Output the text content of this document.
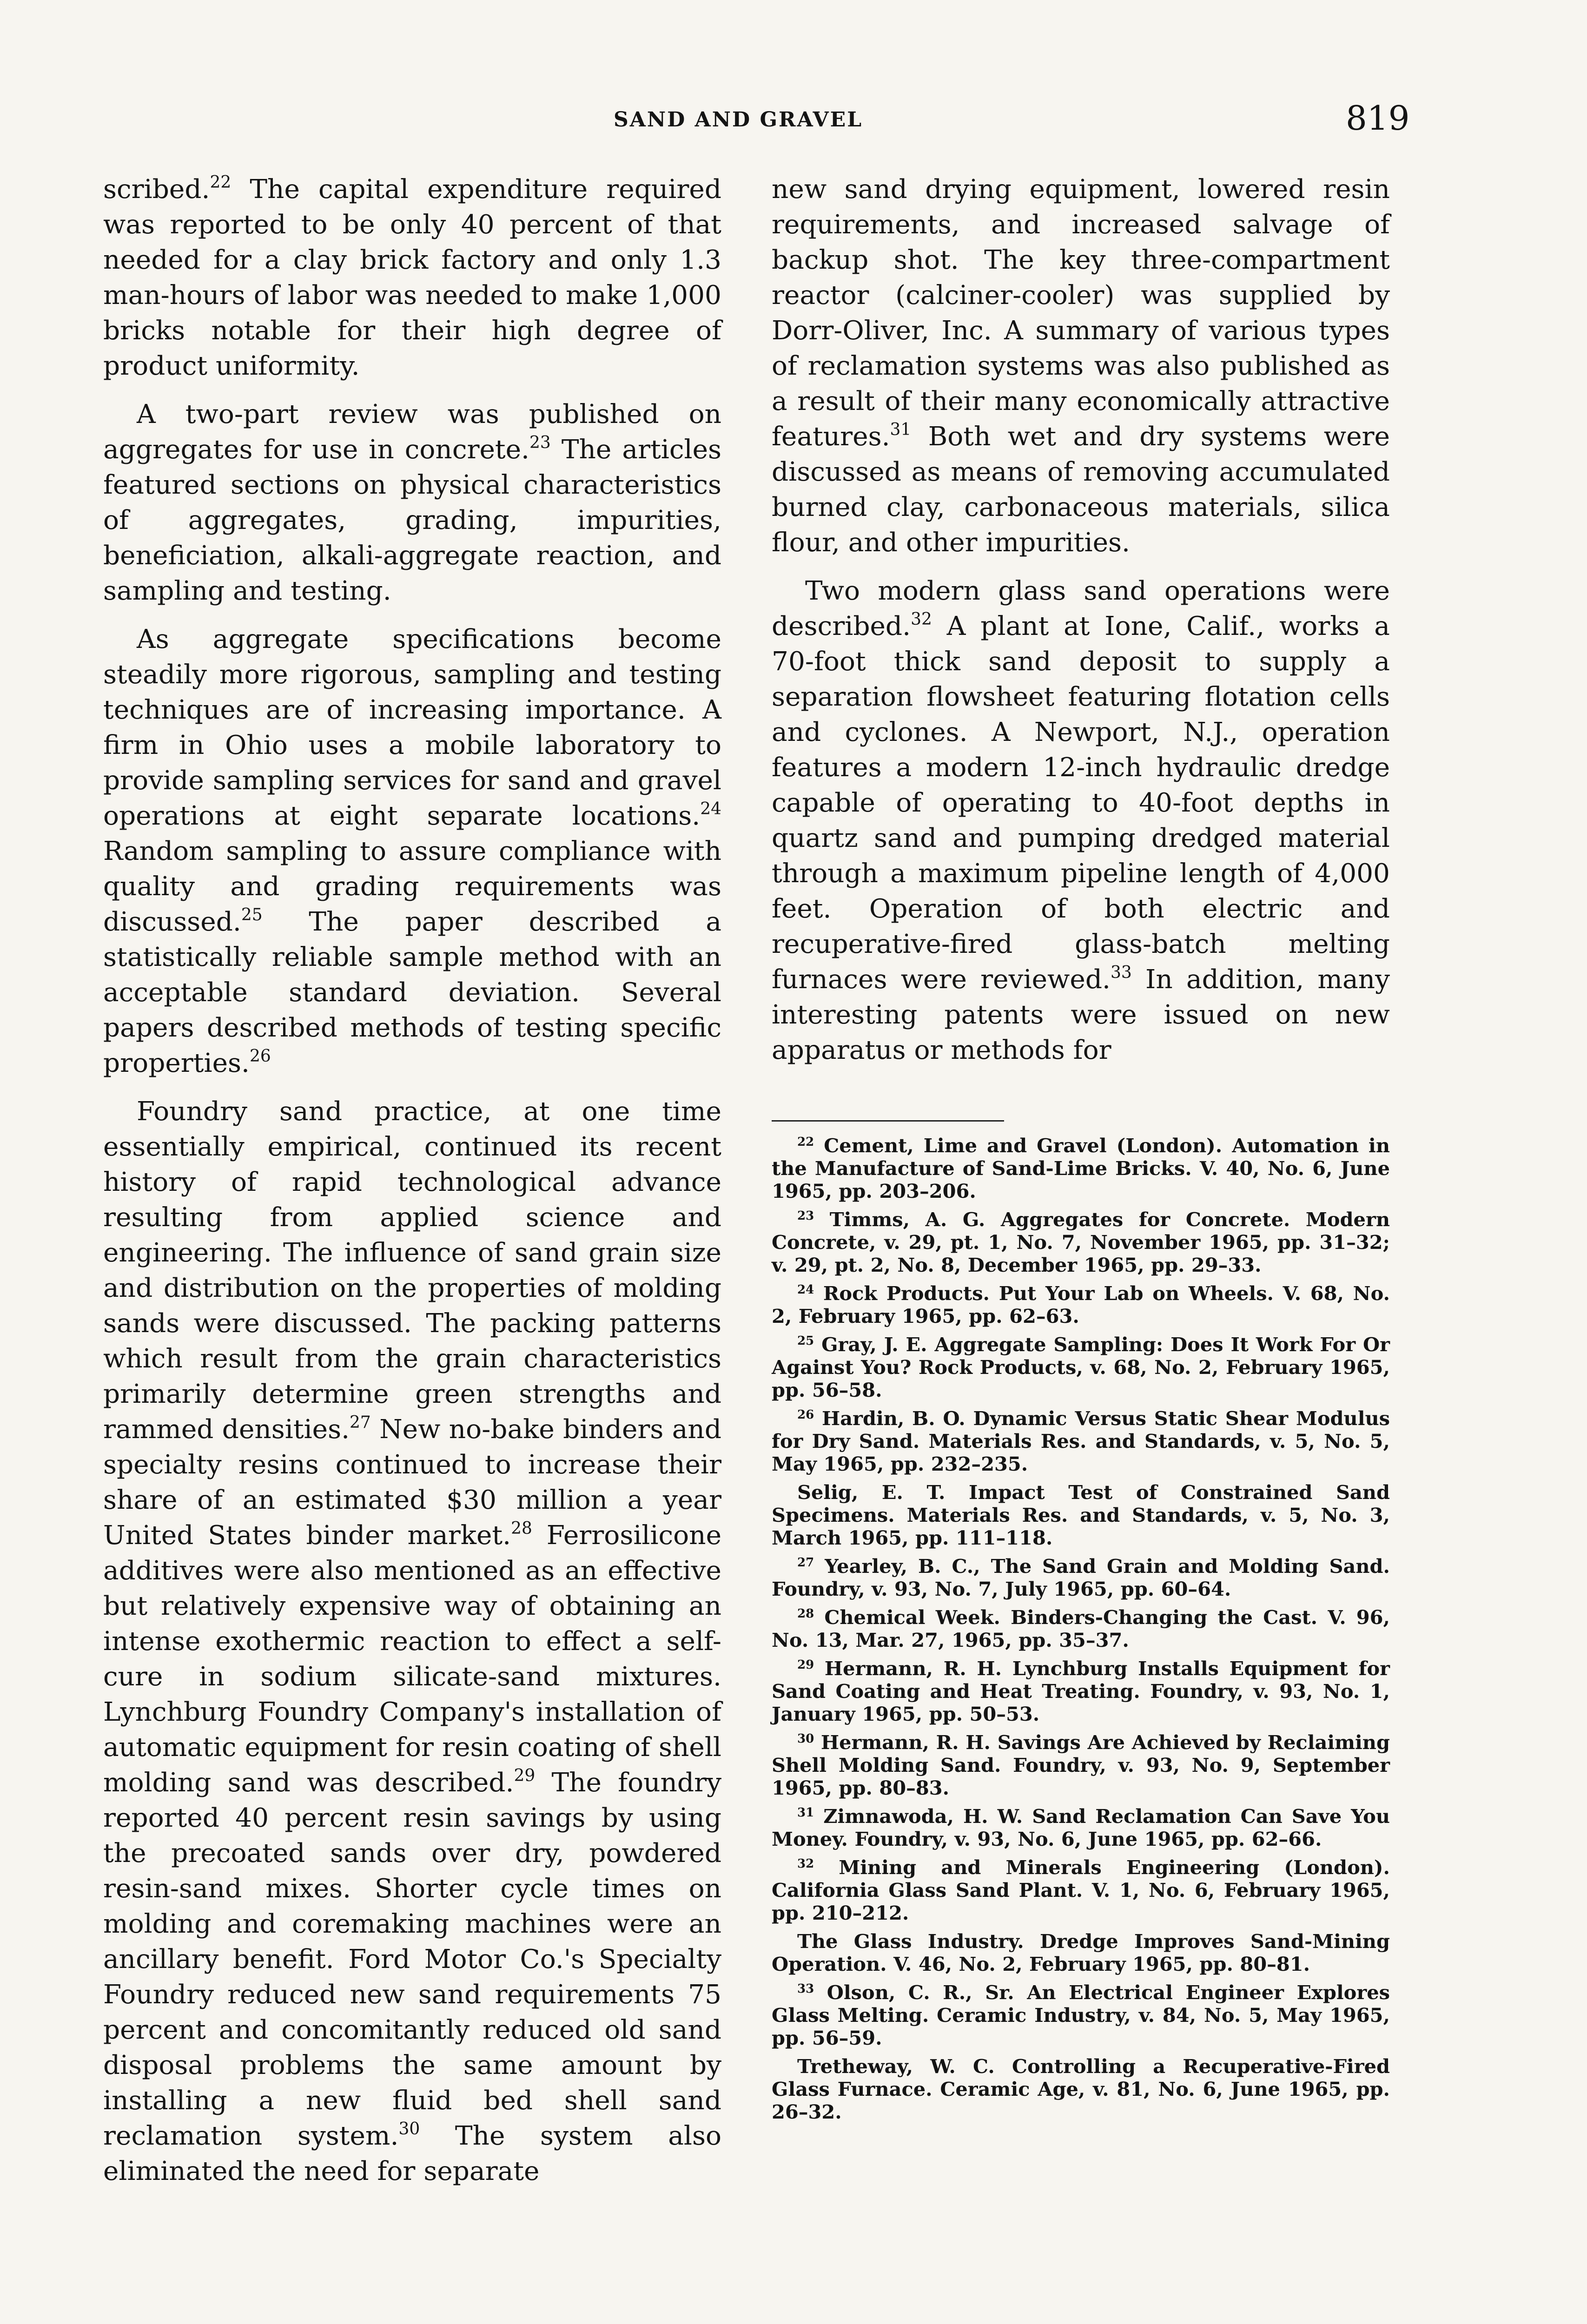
SAND AND GRAVEL	819

scribed.$^{22}$ The capital expenditure required was reported to be only 40 percent of that needed for a clay brick factory and only 1.3 man-hours of labor was needed to make 1,000 bricks notable for their high degree of product uniformity.

A two-part review was published on aggregates for use in concrete.$^{23}$ The articles featured sections on physical characteristics of aggregates, grading, impurities, beneficiation, alkali-aggregate reaction, and sampling and testing.

As aggregate specifications become steadily more rigorous, sampling and testing techniques are of increasing importance. A firm in Ohio uses a mobile laboratory to provide sampling services for sand and gravel operations at eight separate locations.$^{24}$ Random sampling to assure compliance with quality and grading requirements was discussed.$^{25}$ The paper described a statistically reliable sample method with an acceptable standard deviation. Several papers described methods of testing specific properties.$^{26}$

Foundry sand practice, at one time essentially empirical, continued its recent history of rapid technological advance resulting from applied science and engineering. The influence of sand grain size and distribution on the properties of molding sands were discussed. The packing patterns which result from the grain characteristics primarily determine green strengths and rammed densities.$^{27}$ New no-bake binders and specialty resins continued to increase their share of an estimated $30 million a year United States binder market.$^{28}$ Ferrosilicone additives were also mentioned as an effective but relatively expensive way of obtaining an intense exothermic reaction to effect a self-cure in sodium silicate-sand mixtures. Lynchburg Foundry Company's installation of automatic equipment for resin coating of shell molding sand was described.$^{29}$ The foundry reported 40 percent resin savings by using the precoated sands over dry, powdered resin-sand mixes. Shorter cycle times on molding and coremaking machines were an ancillary benefit. Ford Motor Co.'s Specialty Foundry reduced new sand requirements 75 percent and concomitantly reduced old sand disposal problems the same amount by installing a new fluid bed shell sand reclamation system.$^{30}$ The system also eliminated the need for separate

new sand drying equipment, lowered resin requirements, and increased salvage of backup shot. The key three-compartment reactor (calciner-cooler) was supplied by Dorr-Oliver, Inc. A summary of various types of reclamation systems was also published as a result of their many economically attractive features.$^{31}$ Both wet and dry systems were discussed as means of removing accumulated burned clay, carbonaceous materials, silica flour, and other impurities.

Two modern glass sand operations were described.$^{32}$ A plant at Ione, Calif., works a 70-foot thick sand deposit to supply a separation flowsheet featuring flotation cells and cyclones. A Newport, N.J., operation features a modern 12-inch hydraulic dredge capable of operating to 40-foot depths in quartz sand and pumping dredged material through a maximum pipeline length of 4,000 feet. Operation of both electric and recuperative-fired glass-batch melting furnaces were reviewed.$^{33}$ In addition, many interesting patents were issued on new apparatus or methods for

$^{22}$ Cement, Lime and Gravel (London). Automation in the Manufacture of Sand-Lime Bricks. V. 40, No. 6, June 1965, pp. 203–206.

$^{23}$ Timms, A. G. Aggregates for Concrete. Modern Concrete, v. 29, pt. 1, No. 7, November 1965, pp. 31–32; v. 29, pt. 2, No. 8, December 1965, pp. 29–33.

$^{24}$ Rock Products. Put Your Lab on Wheels. V. 68, No. 2, February 1965, pp. 62–63.

$^{25}$ Gray, J. E. Aggregate Sampling: Does It Work For Or Against You? Rock Products, v. 68, No. 2, February 1965, pp. 56–58.

$^{26}$ Hardin, B. O. Dynamic Versus Static Shear Modulus for Dry Sand. Materials Res. and Standards, v. 5, No. 5, May 1965, pp. 232–235.

Selig, E. T. Impact Test of Constrained Sand Specimens. Materials Res. and Standards, v. 5, No. 3, March 1965, pp. 111–118.

$^{27}$ Yearley, B. C., The Sand Grain and Molding Sand. Foundry, v. 93, No. 7, July 1965, pp. 60–64.

$^{28}$ Chemical Week. Binders-Changing the Cast. V. 96, No. 13, Mar. 27, 1965, pp. 35–37.

$^{29}$ Hermann, R. H. Lynchburg Installs Equipment for Sand Coating and Heat Treating. Foundry, v. 93, No. 1, January 1965, pp. 50–53.

$^{30}$ Hermann, R. H. Savings Are Achieved by Reclaiming Shell Molding Sand. Foundry, v. 93, No. 9, September 1965, pp. 80–83.

$^{31}$ Zimnawoda, H. W. Sand Reclamation Can Save You Money. Foundry, v. 93, No. 6, June 1965, pp. 62–66.

$^{32}$ Mining and Minerals Engineering (London). California Glass Sand Plant. V. 1, No. 6, February 1965, pp. 210–212.

The Glass Industry. Dredge Improves Sand-Mining Operation. V. 46, No. 2, February 1965, pp. 80–81.

$^{33}$ Olson, C. R., Sr. An Electrical Engineer Explores Glass Melting. Ceramic Industry, v. 84, No. 5, May 1965, pp. 56–59.

Tretheway, W. C. Controlling a Recuperative-Fired Glass Furnace. Ceramic Age, v. 81, No. 6, June 1965, pp. 26–32.
